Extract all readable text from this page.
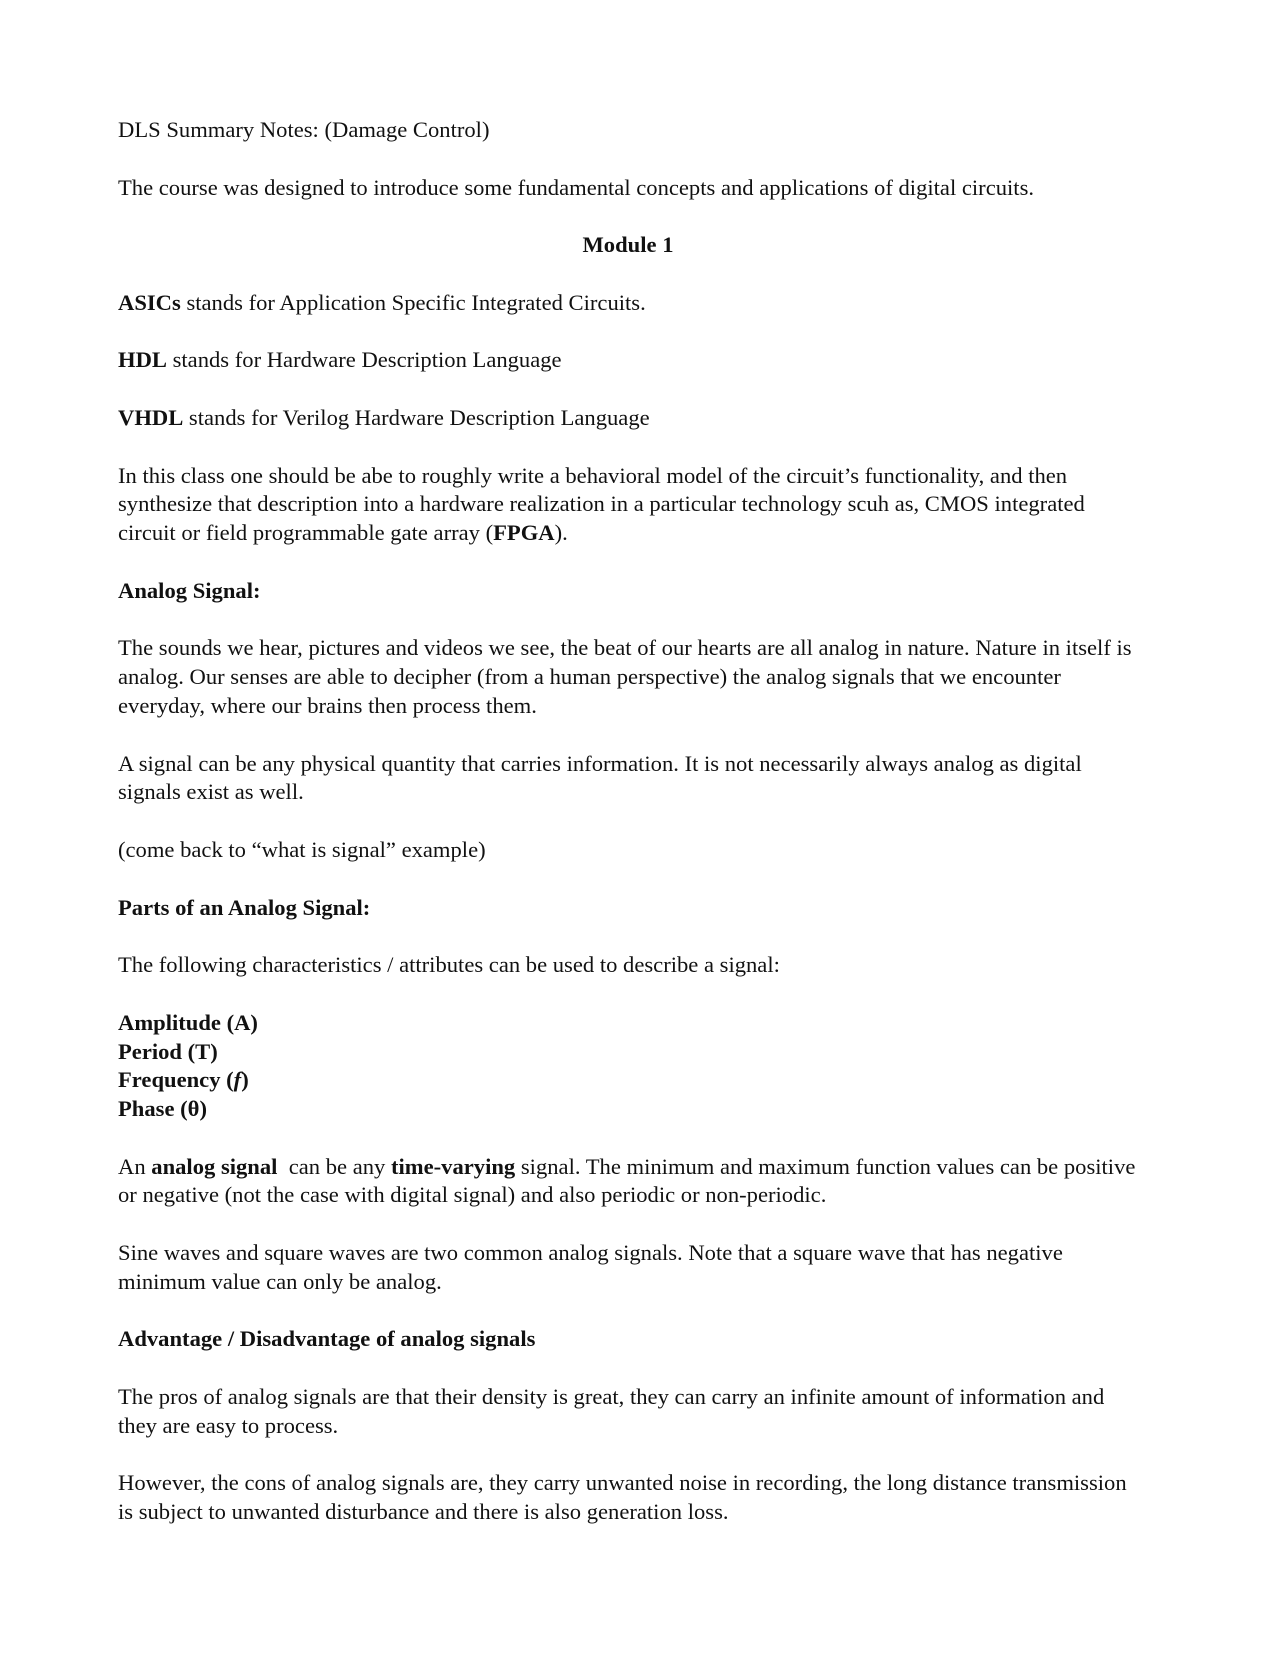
DLS Summary Notes: (Damage Control)

The course was designed to introduce some fundamental concepts and applications of digital circuits.

Module 1

ASICs stands for Application Specific Integrated Circuits.

HDL stands for Hardware Description Language

VHDL stands for Verilog Hardware Description Language

In this class one should be abe to roughly write a behavioral model of the circuit’s functionality, and then synthesize that description into a hardware realization in a particular technology scuh as, CMOS integrated circuit or field programmable gate array (FPGA).

Analog Signal:

The sounds we hear, pictures and videos we see, the beat of our hearts are all analog in nature. Nature in itself is analog. Our senses are able to decipher (from a human perspective) the analog signals that we encounter everyday, where our brains then process them.

A signal can be any physical quantity that carries information. It is not necessarily always analog as digital signals exist as well.

(come back to “what is signal” example)

Parts of an Analog Signal:

The following characteristics / attributes can be used to describe a signal:

Amplitude (A)
Period (T)
Frequency (f)
Phase (θ)

An analog signal  can be any time-varying signal. The minimum and maximum function values can be positive or negative (not the case with digital signal) and also periodic or non-periodic.

Sine waves and square waves are two common analog signals. Note that a square wave that has negative minimum value can only be analog.

Advantage / Disadvantage of analog signals

The pros of analog signals are that their density is great, they can carry an infinite amount of information and they are easy to process.

However, the cons of analog signals are, they carry unwanted noise in recording, the long distance transmission is subject to unwanted disturbance and there is also generation loss.
